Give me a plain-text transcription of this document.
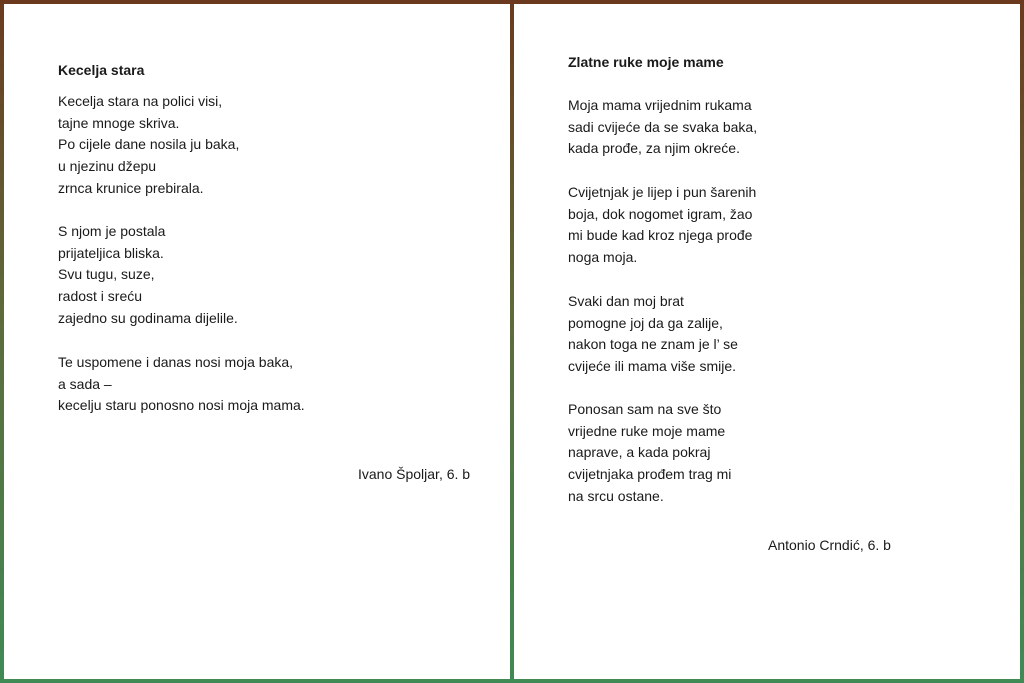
Kecelja stara
Kecelja stara na polici visi,
tajne mnoge skriva.
Po cijele dane nosila ju baka,
u njezinu džepu
zrnca krunice prebirala.
S njom je postala
prijateljica bliska.
Svu tugu, suze,
radost i sreću
zajedno su godinama dijelile.
Te uspomene i danas nosi moja baka,
a sada –
kecelju staru ponosno nosi moja mama.
Ivano Špoljar, 6. b
Zlatne ruke moje mame
Moja mama vrijednim rukama
sadi cvijeće da se svaka baka,
kada prođe, za njim okreće.
Cvijetnjak je lijep i pun šarenih
boja, dok nogomet igram, žao
mi bude kad kroz njega prođe
noga moja.
Svaki dan moj brat
pomogne joj da ga zalije,
nakon toga ne znam je l’ se
cvijeće ili mama više smije.
Ponosan sam na sve što
vrijedne ruke moje mame
naprave, a kada pokraj
cvijetnjaka prođem trag mi
na srcu ostane.
Antonio Crndić, 6. b
